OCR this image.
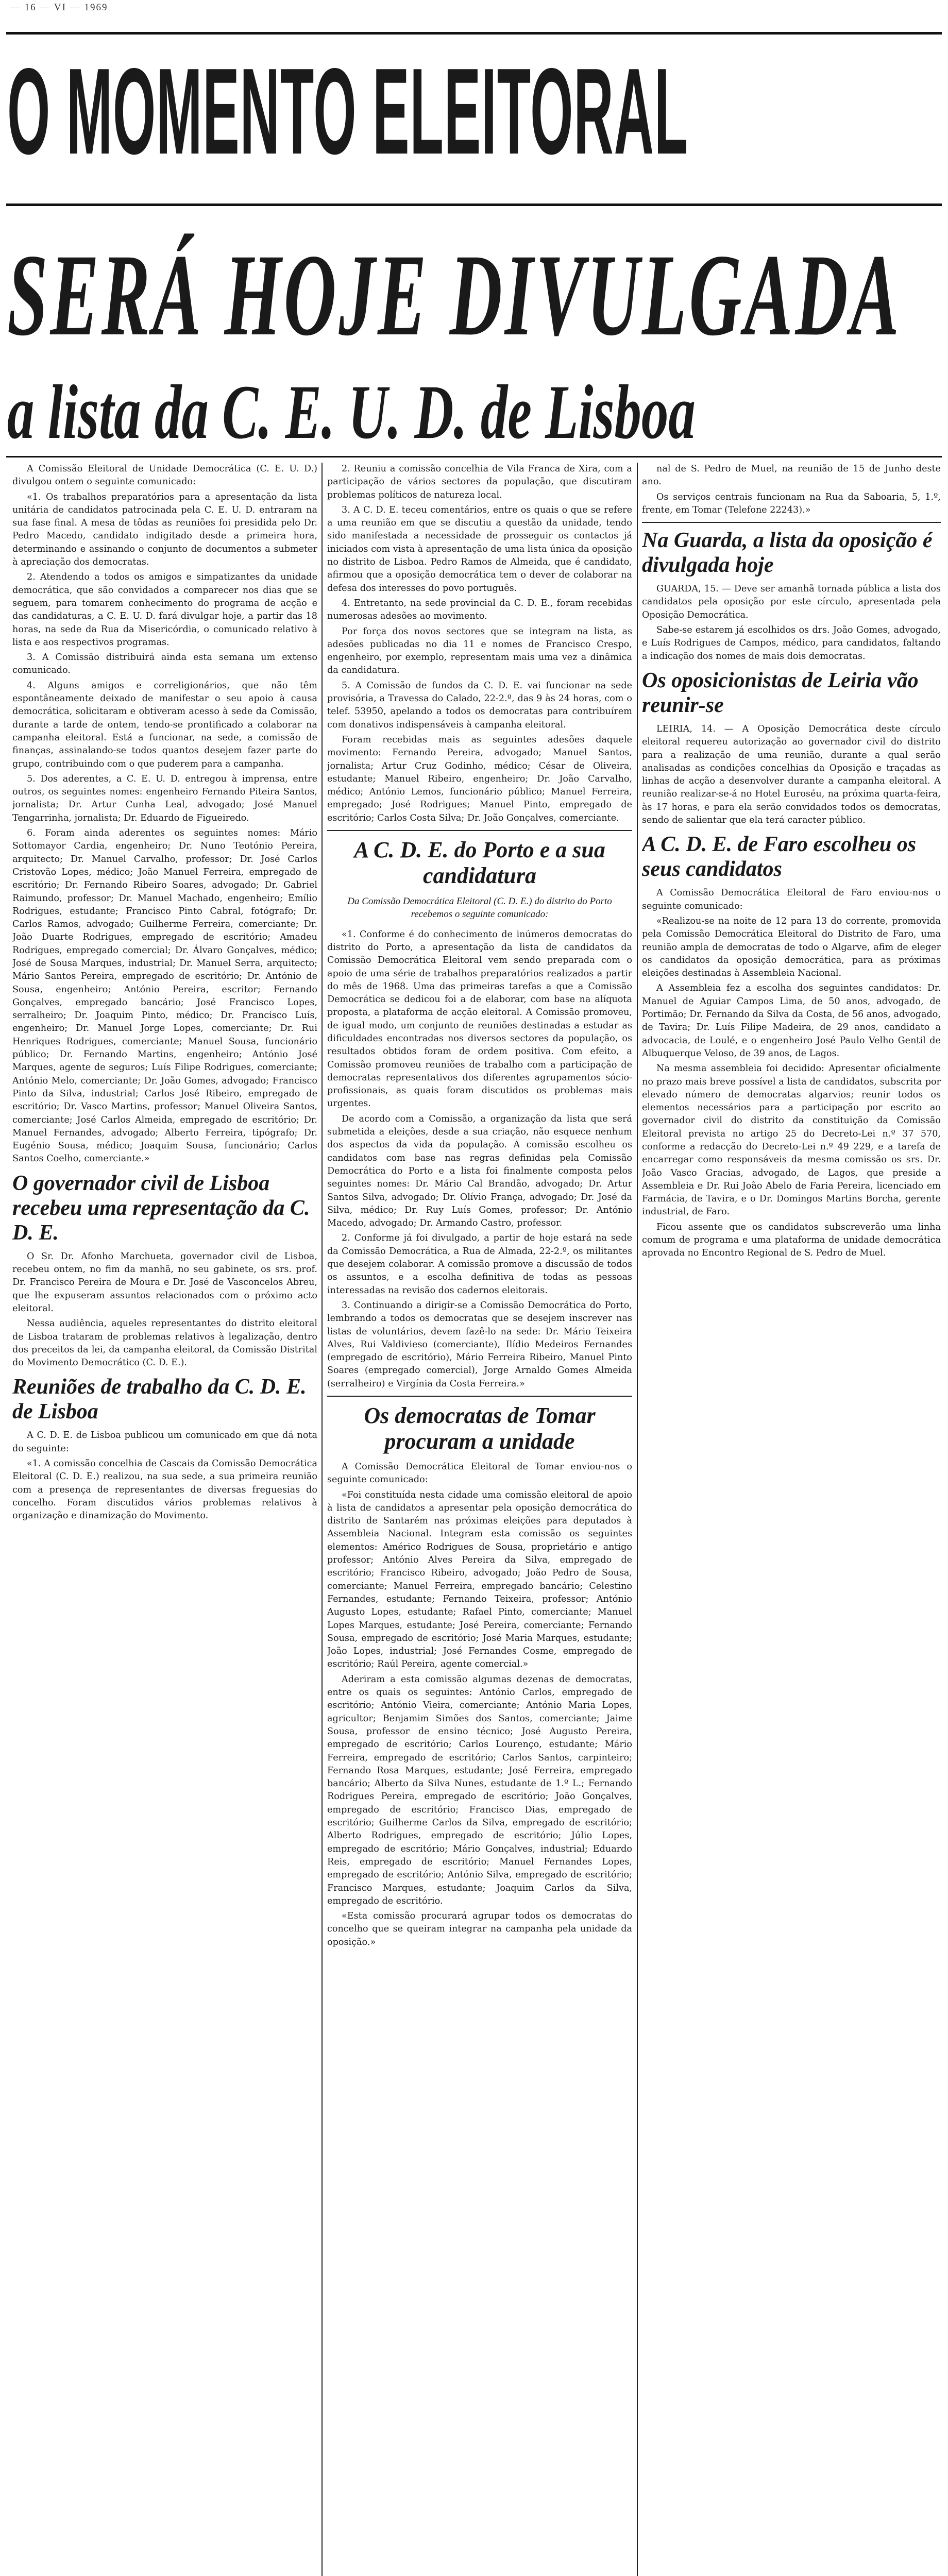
— 16 — VI — 1969
O MOMENTO ELEITORAL
SERÁ HOJE DIVULGADA
a lista da C. E. U. D. de Lisboa

A Comissão Eleitoral de Unidade Democrática (C. E. U. D.) divulgou ontem o seguinte comunicado:

«1. Os trabalhos preparatórios para a apresentação da lista unitária de candidatos patrocinada pela C. E. U. D. entraram na sua fase final. A mesa de tôdas as reuniões foi presidida pelo Dr. Pedro Macedo, candidato indigitado desde a primeira hora, determinando e assinando o conjunto de documentos a submeter à apreciação dos democratas.

2. Atendendo a todos os amigos e simpatizantes da unidade democrática, que são convidados a comparecer nos dias que se seguem, para tomarem conhecimento do programa de acção e das candidaturas, a C. E. U. D. fará divulgar hoje, a partir das 18 horas, na sede da Rua da Misericórdia, o comunicado relativo à lista e aos respectivos programas.

3. A Comissão distribuirá ainda esta semana um extenso comunicado.

4. Alguns amigos e correligionários, que não têm espontâneamente deixado de manifestar o seu apoio à causa democrática, solicitaram e obtiveram acesso à sede da Comissão, durante a tarde de ontem, tendo-se prontificado a colaborar na campanha eleitoral. Está a funcionar, na sede, a comissão de finanças, assinalando-se todos quantos desejem fazer parte do grupo, contribuindo com o que puderem para a campanha.

5. Dos aderentes, a C. E. U. D. entregou à imprensa, entre outros, os seguintes nomes: engenheiro Fernando Piteira Santos, jornalista; Dr. Artur Cunha Leal, advogado; José Manuel Tengarrinha, jornalista; Dr. Eduardo de Figueiredo.

6. Foram ainda aderentes os seguintes nomes: Mário Sottomayor Cardia, engenheiro; Dr. Nuno Teotónio Pereira, arquitecto; Dr. Manuel Carvalho, professor; Dr. José Carlos Cristovão Lopes, médico; João Manuel Ferreira, empregado de escritório; Dr. Fernando Ribeiro Soares, advogado; Dr. Gabriel Raimundo, professor; Dr. Manuel Machado, engenheiro; Emílio Rodrigues, estudante; Francisco Pinto Cabral, fotógrafo; Dr. Carlos Ramos, advogado; Guilherme Ferreira, comerciante; Dr. João Duarte Rodrigues, empregado de escritório; Amadeu Rodrigues, empregado comercial; Dr. Álvaro Gonçalves, médico; José de Sousa Marques, industrial; Dr. Manuel Serra, arquitecto; Mário Santos Pereira, empregado de escritório; Dr. António de Sousa, engenheiro; António Pereira, escritor; Fernando Gonçalves, empregado bancário; José Francisco Lopes, serralheiro; Dr. Joaquim Pinto, médico; Dr. Francisco Luís, engenheiro; Dr. Manuel Jorge Lopes, comerciante; Dr. Rui Henriques Rodrigues, comerciante; Manuel Sousa, funcionário público; Dr. Fernando Martins, engenheiro; António José Marques, agente de seguros; Luís Filipe Rodrigues, comerciante; António Melo, comerciante; Dr. João Gomes, advogado; Francisco Pinto da Silva, industrial; Carlos José Ribeiro, empregado de escritório; Dr. Vasco Martins, professor; Manuel Oliveira Santos, comerciante; José Carlos Almeida, empregado de escritório; Dr. Manuel Fernandes, advogado; Alberto Ferreira, tipógrafo; Dr. Eugénio Sousa, médico; Joaquim Sousa, funcionário; Carlos Santos Coelho, comerciante.»

O governador civil de Lisboa recebeu uma representação da C. D. E.

O Sr. Dr. Afonho Marchueta, governador civil de Lisboa, recebeu ontem, no fim da manhã, no seu gabinete, os srs. prof. Dr. Francisco Pereira de Moura e Dr. José de Vasconcelos Abreu, que lhe expuseram assuntos relacionados com o próximo acto eleitoral.

Nessa audiência, aqueles representantes do distrito eleitoral de Lisboa trataram de problemas relativos à legalização, dentro dos preceitos da lei, da campanha eleitoral, da Comissão Distrital do Movimento Democrático (C. D. E.).

Reuniões de trabalho da C. D. E. de Lisboa

A C. D. E. de Lisboa publicou um comunicado em que dá nota do seguinte:

«1. A comissão concelhia de Cascais da Comissão Democrática Eleitoral (C. D. E.) realizou, na sua sede, a sua primeira reunião com a presença de representantes de diversas freguesias do concelho. Foram discutidos vários problemas relativos à organização e dinamização do Movimento.

2. Reuniu a comissão concelhia de Vila Franca de Xira, com a participação de vários sectores da população, que discutiram problemas políticos de natureza local.

3. A C. D. E. teceu comentários, entre os quais o que se refere a uma reunião em que se discutiu a questão da unidade, tendo sido manifestada a necessidade de prosseguir os contactos já iniciados com vista à apresentação de uma lista única da oposição no distrito de Lisboa. Pedro Ramos de Almeida, que é candidato, afirmou que a oposição democrática tem o dever de colaborar na defesa dos interesses do povo português.

4. Entretanto, na sede provincial da C. D. E., foram recebidas numerosas adesões ao movimento.

Por força dos novos sectores que se integram na lista, as adesões publicadas no dia 11 e nomes de Francisco Crespo, engenheiro, por exemplo, representam mais uma vez a dinâmica da candidatura.

5. A Comissão de fundos da C. D. E. vai funcionar na sede provisória, a Travessa do Calado, 22-2.º, das 9 às 24 horas, com o telef. 53950, apelando a todos os democratas para contribuírem com donativos indispensáveis à campanha eleitoral.

Foram recebidas mais as seguintes adesões daquele movimento: Fernando Pereira, advogado; Manuel Santos, jornalista; Artur Cruz Godinho, médico; César de Oliveira, estudante; Manuel Ribeiro, engenheiro; Dr. João Carvalho, médico; António Lemos, funcionário público; Manuel Ferreira, empregado; José Rodrigues; Manuel Pinto, empregado de escritório; Carlos Costa Silva; Dr. João Gonçalves, comerciante.

A C. D. E. do Porto e a sua candidatura
Da Comissão Democrática Eleitoral (C. D. E.) do distrito do Porto recebemos o seguinte comunicado:

«1. Conforme é do conhecimento de inúmeros democratas do distrito do Porto, a apresentação da lista de candidatos da Comissão Democrática Eleitoral vem sendo preparada com o apoio de uma série de trabalhos preparatórios realizados a partir do mês de 1968. Uma das primeiras tarefas a que a Comissão Democrática se dedicou foi a de elaborar, com base na alíquota proposta, a plataforma de acção eleitoral. A Comissão promoveu, de igual modo, um conjunto de reuniões destinadas a estudar as dificuldades encontradas nos diversos sectores da população, os resultados obtidos foram de ordem positiva. Com efeito, a Comissão promoveu reuniões de trabalho com a participação de democratas representativos dos diferentes agrupamentos sócio-profissionais, as quais foram discutidos os problemas mais urgentes.

De acordo com a Comissão, a organização da lista que será submetida a eleições, desde a sua criação, não esquece nenhum dos aspectos da vida da população. A comissão escolheu os candidatos com base nas regras definidas pela Comissão Democrática do Porto e a lista foi finalmente composta pelos seguintes nomes: Dr. Mário Cal Brandão, advogado; Dr. Artur Santos Silva, advogado; Dr. Olívio França, advogado; Dr. José da Silva, médico; Dr. Ruy Luís Gomes, professor; Dr. António Macedo, advogado; Dr. Armando Castro, professor.

2. Conforme já foi divulgado, a partir de hoje estará na sede da Comissão Democrática, a Rua de Almada, 22-2.º, os militantes que desejem colaborar. A comissão promove a discussão de todos os assuntos, e a escolha definitiva de todas as pessoas interessadas na revisão dos cadernos eleitorais.

3. Continuando a dirigir-se a Comissão Democrática do Porto, lembrando a todos os democratas que se desejem inscrever nas listas de voluntários, devem fazê-lo na sede: Dr. Mário Teixeira Alves, Rui Valdivieso (comerciante), Ilídio Medeiros Fernandes (empregado de escritório), Mário Ferreira Ribeiro, Manuel Pinto Soares (empregado comercial), Jorge Arnaldo Gomes Almeida (serralheiro) e Virgínia da Costa Ferreira.»

Os democratas de Tomar procuram a unidade

A Comissão Democrática Eleitoral de Tomar enviou-nos o seguinte comunicado:

«Foi constituída nesta cidade uma comissão eleitoral de apoio à lista de candidatos a apresentar pela oposição democrática do distrito de Santarém nas próximas eleições para deputados à Assembleia Nacional. Integram esta comissão os seguintes elementos: Américo Rodrigues de Sousa, proprietário e antigo professor; António Alves Pereira da Silva, empregado de escritório; Francisco Ribeiro, advogado; João Pedro de Sousa, comerciante; Manuel Ferreira, empregado bancário; Celestino Fernandes, estudante; Fernando Teixeira, professor; António Augusto Lopes, estudante; Rafael Pinto, comerciante; Manuel Lopes Marques, estudante; José Pereira, comerciante; Fernando Sousa, empregado de escritório; José Maria Marques, estudante; João Lopes, industrial; José Fernandes Cosme, empregado de escritório; Raúl Pereira, agente comercial.»

Aderiram a esta comissão algumas dezenas de democratas, entre os quais os seguintes: António Carlos, empregado de escritório; António Vieira, comerciante; António Maria Lopes, agricultor; Benjamim Simões dos Santos, comerciante; Jaime Sousa, professor de ensino técnico; José Augusto Pereira, empregado de escritório; Carlos Lourenço, estudante; Mário Ferreira, empregado de escritório; Carlos Santos, carpinteiro; Fernando Rosa Marques, estudante; José Ferreira, empregado bancário; Alberto da Silva Nunes, estudante de 1.º L.; Fernando Rodrigues Pereira, empregado de escritório; João Gonçalves, empregado de escritório; Francisco Dias, empregado de escritório; Guilherme Carlos da Silva, empregado de escritório; Alberto Rodrigues, empregado de escritório; Júlio Lopes, empregado de escritório; Mário Gonçalves, industrial; Eduardo Reis, empregado de escritório; Manuel Fernandes Lopes, empregado de escritório; António Silva, empregado de escritório; Francisco Marques, estudante; Joaquim Carlos da Silva, empregado de escritório.

«Esta comissão procurará agrupar todos os democratas do concelho que se queiram integrar na campanha pela unidade da oposição.»

nal de S. Pedro de Muel, na reunião de 15 de Junho deste ano.

Os serviços centrais funcionam na Rua da Saboaria, 5, 1.º, frente, em Tomar (Telefone 22243).»

Na Guarda, a lista da oposição é divulgada hoje

GUARDA, 15. — Deve ser amanhã tornada pública a lista dos candidatos pela oposição por este círculo, apresentada pela Oposição Democrática.

Sabe-se estarem já escolhidos os drs. João Gomes, advogado, e Luís Rodrigues de Campos, médico, para candidatos, faltando a indicação dos nomes de mais dois democratas.

Os oposicionistas de Leiria vão reunir-se

LEIRIA, 14. — A Oposição Democrática deste círculo eleitoral requereu autorização ao governador civil do distrito para a realização de uma reunião, durante a qual serão analisadas as condições concelhias da Oposição e traçadas as linhas de acção a desenvolver durante a campanha eleitoral. A reunião realizar-se-á no Hotel Euroséu, na próxima quarta-feira, às 17 horas, e para ela serão convidados todos os democratas, sendo de salientar que ela terá caracter público.

A C. D. E. de Faro escolheu os seus candidatos

A Comissão Democrática Eleitoral de Faro enviou-nos o seguinte comunicado:

«Realizou-se na noite de 12 para 13 do corrente, promovida pela Comissão Democrática Eleitoral do Distrito de Faro, uma reunião ampla de democratas de todo o Algarve, afim de eleger os candidatos da oposição democrática, para as próximas eleições destinadas à Assembleia Nacional.

A Assembleia fez a escolha dos seguintes candidatos: Dr. Manuel de Aguiar Campos Lima, de 50 anos, advogado, de Portimão; Dr. Fernando da Silva da Costa, de 56 anos, advogado, de Tavira; Dr. Luís Filipe Madeira, de 29 anos, candidato a advocacia, de Loulé, e o engenheiro José Paulo Velho Gentil de Albuquerque Veloso, de 39 anos, de Lagos.

Na mesma assembleia foi decidido: Apresentar oficialmente no prazo mais breve possível a lista de candidatos, subscrita por elevado número de democratas algarvios; reunir todos os elementos necessários para a participação por escrito ao governador civil do distrito da constituição da Comissão Eleitoral prevista no artigo 25 do Decreto-Lei n.º 37 570, conforme a redacção do Decreto-Lei n.º 49 229, e a tarefa de encarregar como responsáveis da mesma comissão os srs. Dr. João Vasco Gracias, advogado, de Lagos, que preside a Assembleia e Dr. Rui João Abelo de Faria Pereira, licenciado em Farmácia, de Tavira, e o Dr. Domingos Martins Borcha, gerente industrial, de Faro.

Ficou assente que os candidatos subscreverão uma linha comum de programa e uma plataforma de unidade democrática aprovada no Encontro Regional de S. Pedro de Muel.
